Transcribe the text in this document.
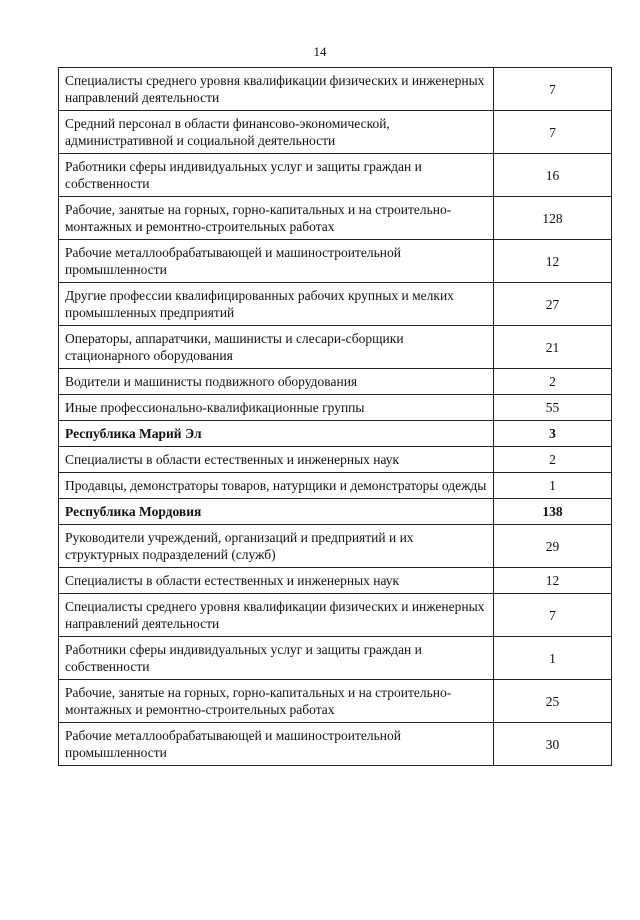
14
Специалисты среднего уровня квалификации физических и инженерных направлений деятельности	7
Средний персонал в области финансово-экономической, административной и социальной деятельности	7
Работники сферы индивидуальных услуг и защиты граждан и собственности	16
Рабочие, занятые на горных, горно-капитальных и на строительно-монтажных и ремонтно-строительных работах	128
Рабочие металлообрабатывающей и машиностроительной промышленности	12
Другие профессии квалифицированных рабочих крупных и мелких промышленных предприятий	27
Операторы, аппаратчики, машинисты и слесари-сборщики стационарного оборудования	21
Водители и машинисты подвижного оборудования	2
Иные профессионально-квалификационные группы	55
Республика Марий Эл	3
Специалисты в области естественных и инженерных наук	2
Продавцы, демонстраторы товаров, натурщики и демонстраторы одежды	1
Республика Мордовия	138
Руководители учреждений, организаций и предприятий и их структурных подразделений (служб)	29
Специалисты в области естественных и инженерных наук	12
Специалисты среднего уровня квалификации физических и инженерных направлений деятельности	7
Работники сферы индивидуальных услуг и защиты граждан и собственности	1
Рабочие, занятые на горных, горно-капитальных и на строительно-монтажных и ремонтно-строительных работах	25
Рабочие металлообрабатывающей и машиностроительной промышленности	30
